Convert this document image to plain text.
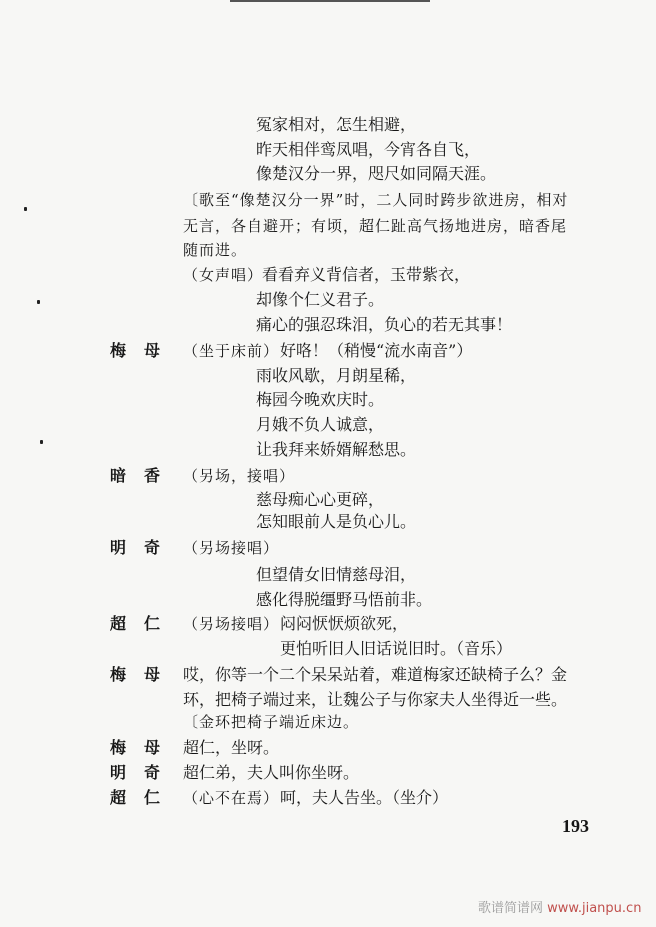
冤家相对，怎生相避，
昨天相伴鸾凤唱，今宵各自飞，
像楚汉分一界，咫尺如同隔天涯。
〔歌至“像楚汉分一界”时，二人同时跨步欲进房，相对
无言，各自避开；有顷，超仁趾高气扬地进房，暗香尾
随而进。
（女声唱）
看看弃义背信者，玉带紫衣，
却像个仁义君子。
痛心的强忍珠泪，负心的若无其事！
梅 母 （坐于床前） 好咯！（稍慢“流水南音”）
雨收风歇，月朗星稀，
梅园今晚欢庆时。
月娥不负人诚意，
让我拜来娇婿解愁思。
暗 香 （另场，接唱）
慈母痴心心更碎，
怎知眼前人是负心儿。
明 奇 （另场接唱）
但望倩女旧情慈母泪，
感化得脱缰野马悟前非。
超 仁 （另场接唱） 闷闷恹恹烦欲死，
更怕听旧人旧话说旧时。（音乐）
梅 母 哎，你等一个二个呆呆站着，难道梅家还缺椅子么？金
环，把椅子端过来，让魏公子与你家夫人坐得近一些。
〔金环把椅子端近床边。
梅 母 超仁，坐呀。
明 奇 超仁弟，夫人叫你坐呀。
超 仁 （心不在焉） 呵，夫人告坐。（坐介）
193
歌谱简谱网 www.jianpu.cn
